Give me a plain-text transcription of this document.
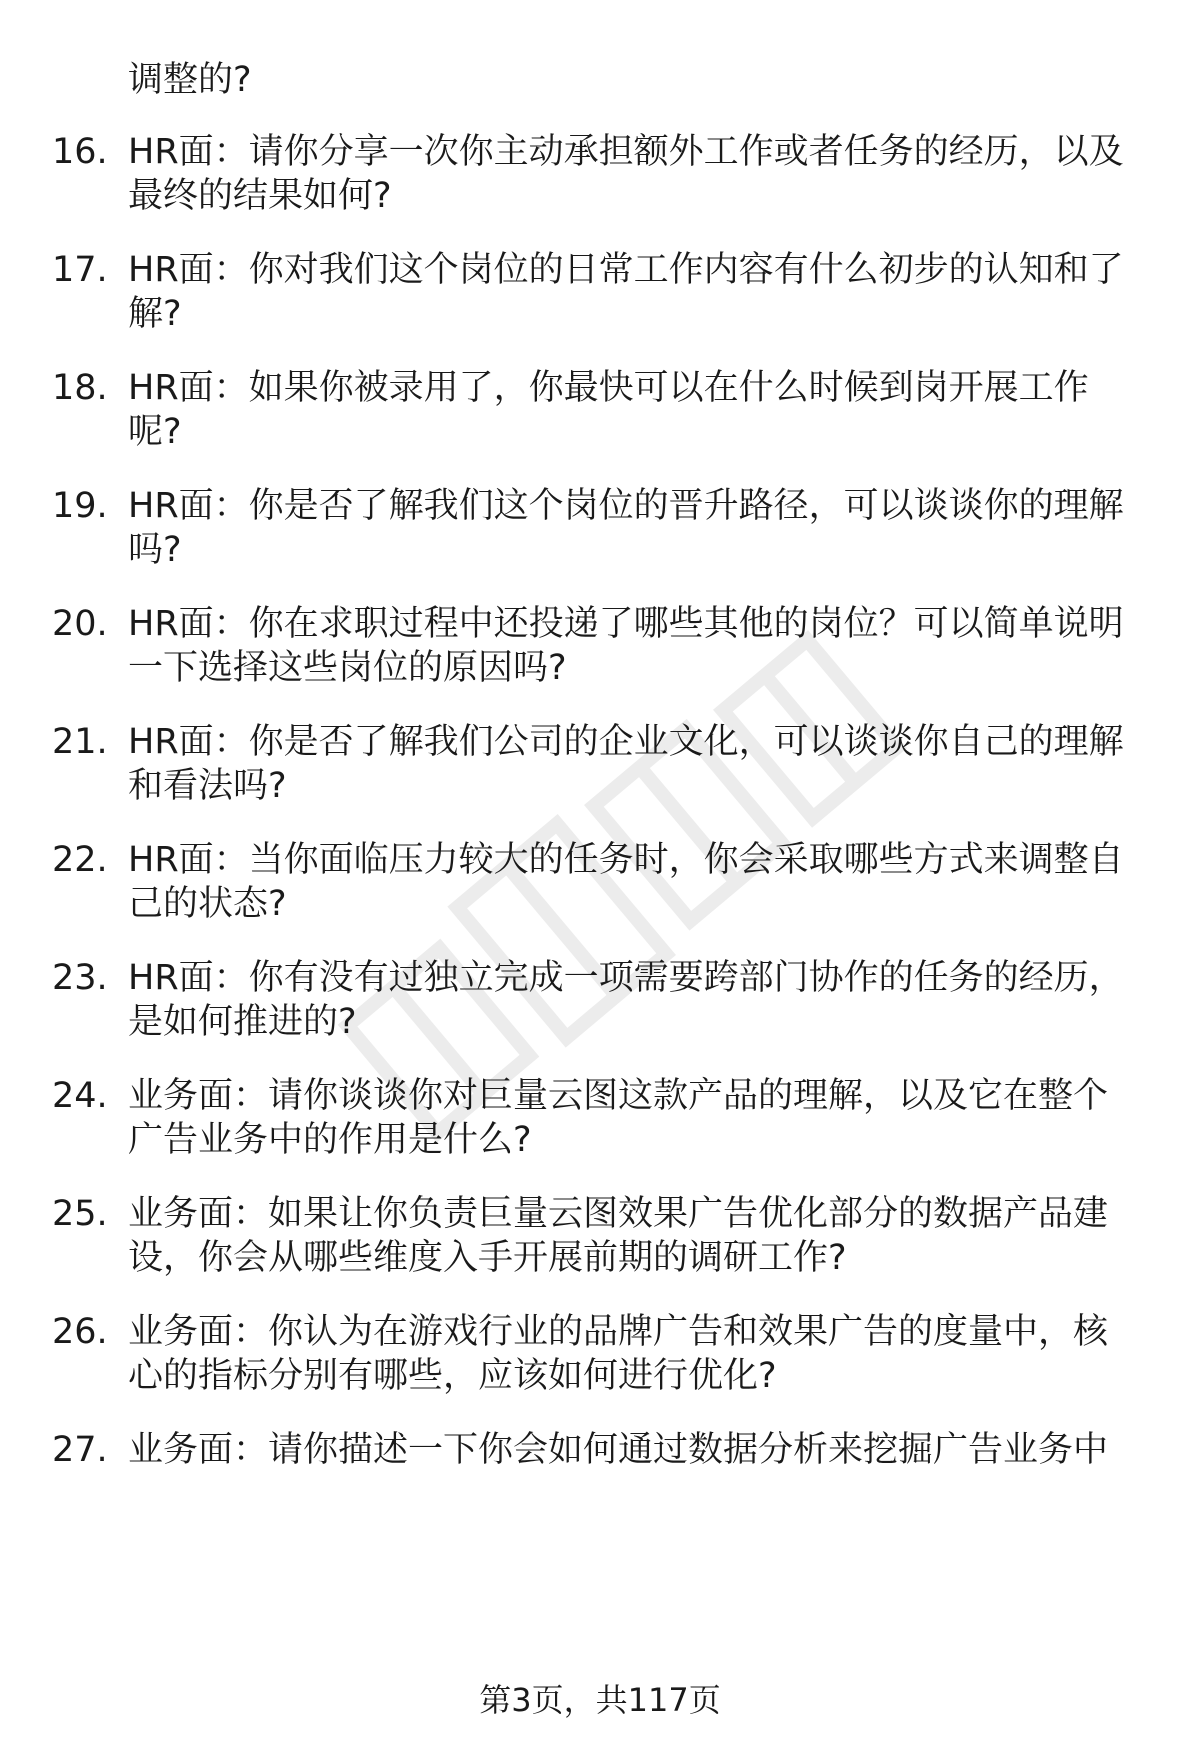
调整的?
16. HR面：请你分享一次你主动承担额外工作或者任务的经历，以及
最终的结果如何?
17. HR面：你对我们这个岗位的日常工作内容有什么初步的认知和了
解?
18. HR面：如果你被录用了，你最快可以在什么时候到岗开展工作
呢?
19. HR面：你是否了解我们这个岗位的晋升路径，可以谈谈你的理解
吗?
20. HR面：你在求职过程中还投递了哪些其他的岗位？可以简单说明
一下选择这些岗位的原因吗?
21. HR面：你是否了解我们公司的企业文化，可以谈谈你自己的理解
和看法吗?
22. HR面：当你面临压力较大的任务时，你会采取哪些方式来调整自
己的状态?
23. HR面：你有没有过独立完成一项需要跨部门协作的任务的经历，
是如何推进的?
24. 业务面：请你谈谈你对巨量云图这款产品的理解，以及它在整个
广告业务中的作用是什么?
25. 业务面：如果让你负责巨量云图效果广告优化部分的数据产品建
设，你会从哪些维度入手开展前期的调研工作?
26. 业务面：你认为在游戏行业的品牌广告和效果广告的度量中，核
心的指标分别有哪些，应该如何进行优化?
27. 业务面：请你描述一下你会如何通过数据分析来挖掘广告业务中
第3页，共117页
